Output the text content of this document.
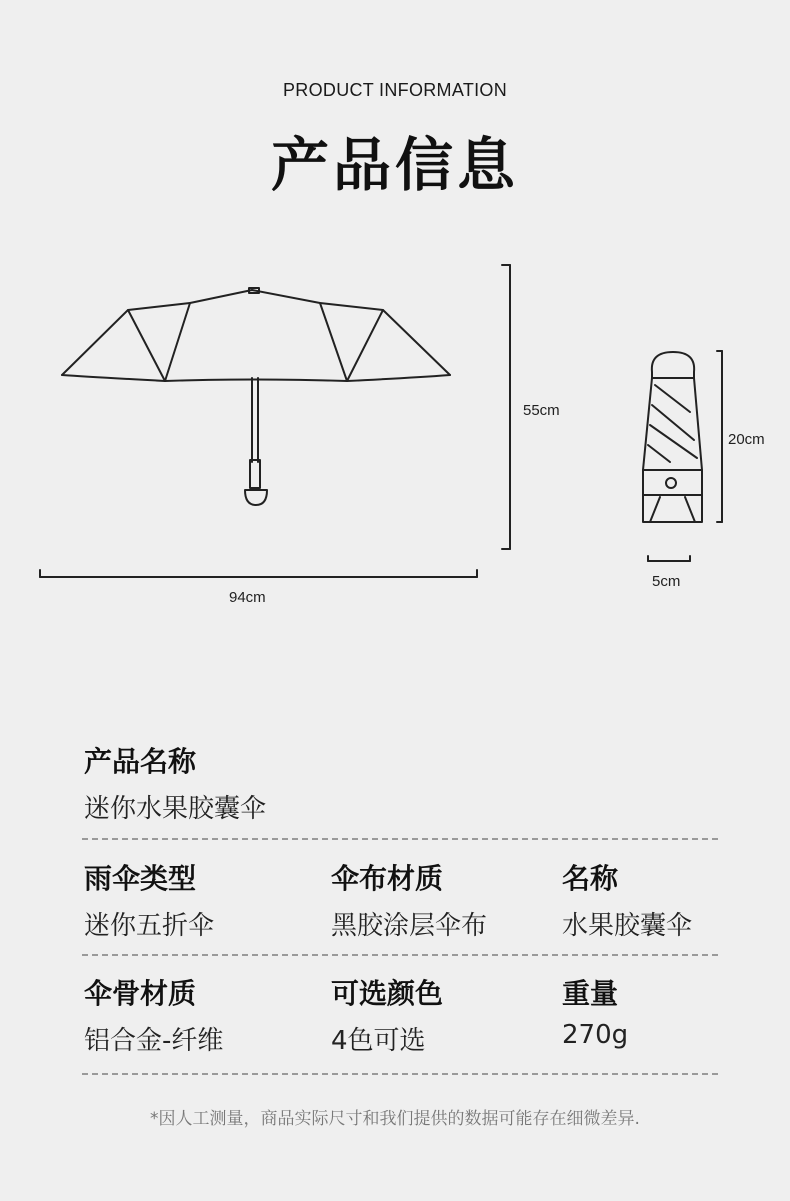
PRODUCT INFORMATION
产品信息
55cm
94cm
20cm
5cm
产品名称
迷你水果胶囊伞
雨伞类型
迷你五折伞
伞布材质
黑胶涂层伞布
名称
水果胶囊伞
伞骨材质
铝合金-纤维
可选颜色
4色可选
重量
270g
*因人工测量，商品实际尺寸和我们提供的数据可能存在细微差异.
